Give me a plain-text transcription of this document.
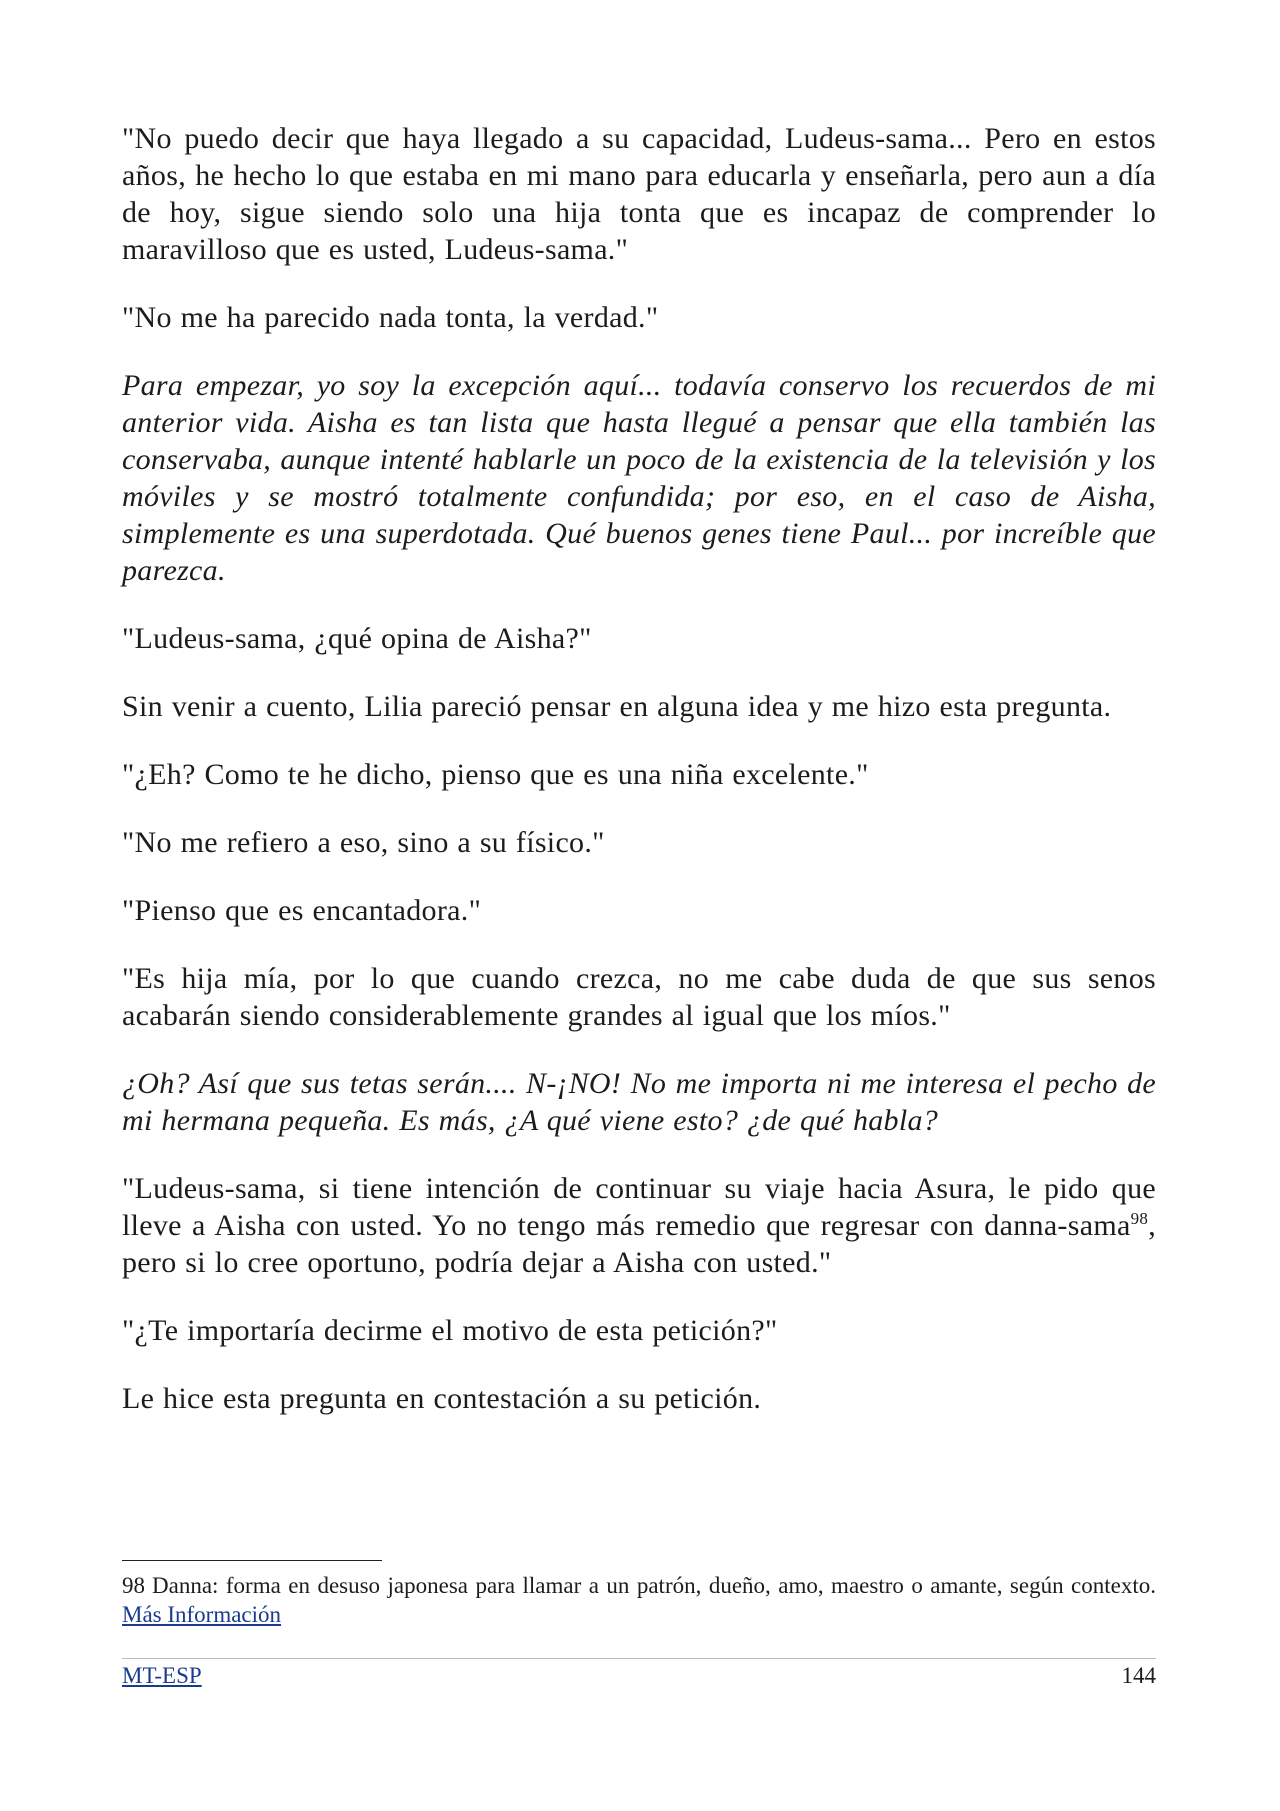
"No puedo decir que haya llegado a su capacidad, Ludeus-sama... Pero en estos años, he hecho lo que estaba en mi mano para educarla y enseñarla, pero aun a día de hoy, sigue siendo solo una hija tonta que es incapaz de comprender lo maravilloso que es usted, Ludeus-sama."

"No me ha parecido nada tonta, la verdad."

Para empezar, yo soy la excepción aquí... todavía conservo los recuerdos de mi anterior vida. Aisha es tan lista que hasta llegué a pensar que ella también las conservaba, aunque intenté hablarle un poco de la existencia de la televisión y los móviles y se mostró totalmente confundida; por eso, en el caso de Aisha, simplemente es una superdotada. Qué buenos genes tiene Paul... por increíble que parezca.

"Ludeus-sama, ¿qué opina de Aisha?"

Sin venir a cuento, Lilia pareció pensar en alguna idea y me hizo esta pregunta.

"¿Eh? Como te he dicho, pienso que es una niña excelente."

"No me refiero a eso, sino a su físico."

"Pienso que es encantadora."

"Es hija mía, por lo que cuando crezca, no me cabe duda de que sus senos acabarán siendo considerablemente grandes al igual que los míos."

¿Oh? Así que sus tetas serán.... N-¡NO! No me importa ni me interesa el pecho de mi hermana pequeña. Es más, ¿A qué viene esto? ¿de qué habla?

"Ludeus-sama, si tiene intención de continuar su viaje hacia Asura, le pido que lleve a Aisha con usted. Yo no tengo más remedio que regresar con danna-sama$^{98}$, pero si lo cree oportuno, podría dejar a Aisha con usted."

"¿Te importaría decirme el motivo de esta petición?"

Le hice esta pregunta en contestación a su petición.

98 Danna: forma en desuso japonesa para llamar a un patrón, dueño, amo, maestro o amante, según contexto. Más Información
MT-ESP	144
